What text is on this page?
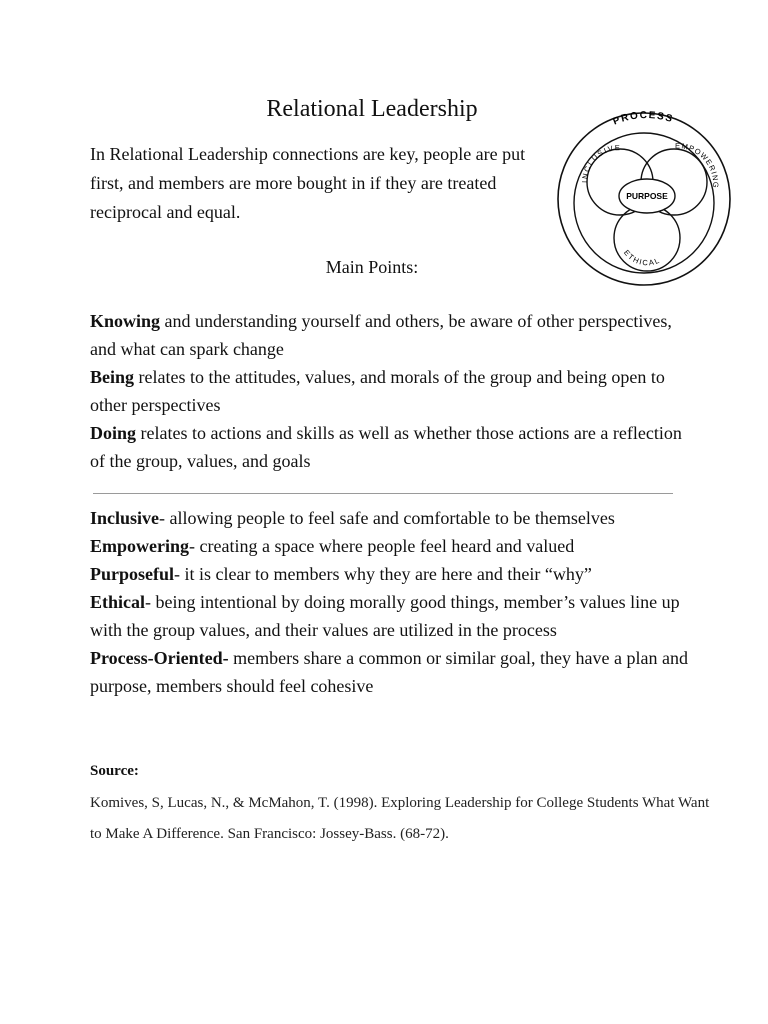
Relational Leadership
In Relational Leadership connections are key, people are put first, and members are more bought in if they are treated reciprocal and equal.
PROCESS
INCLUSIVE	EMPOWERING
ETHICAL
PURPOSE
Main Points:

Knowing and understanding yourself and others, be aware of other perspectives, and what can spark change

Being relates to the attitudes, values, and morals of the group and being open to other perspectives

Doing relates to actions and skills as well as whether those actions are a reflection of the group, values, and goals

Inclusive- allowing people to feel safe and comfortable to be themselves

Empowering- creating a space where people feel heard and valued

Purposeful- it is clear to members why they are here and their “why”

Ethical- being intentional by doing morally good things, member’s values line up with the group values, and their values are utilized in the process

Process-Oriented- members share a common or similar goal, they have a plan and purpose, members should feel cohesive

Source:
Komives, S, Lucas, N., & McMahon, T. (1998). Exploring Leadership for College Students What Want to Make A Difference. San Francisco: Jossey-Bass. (68-72).
